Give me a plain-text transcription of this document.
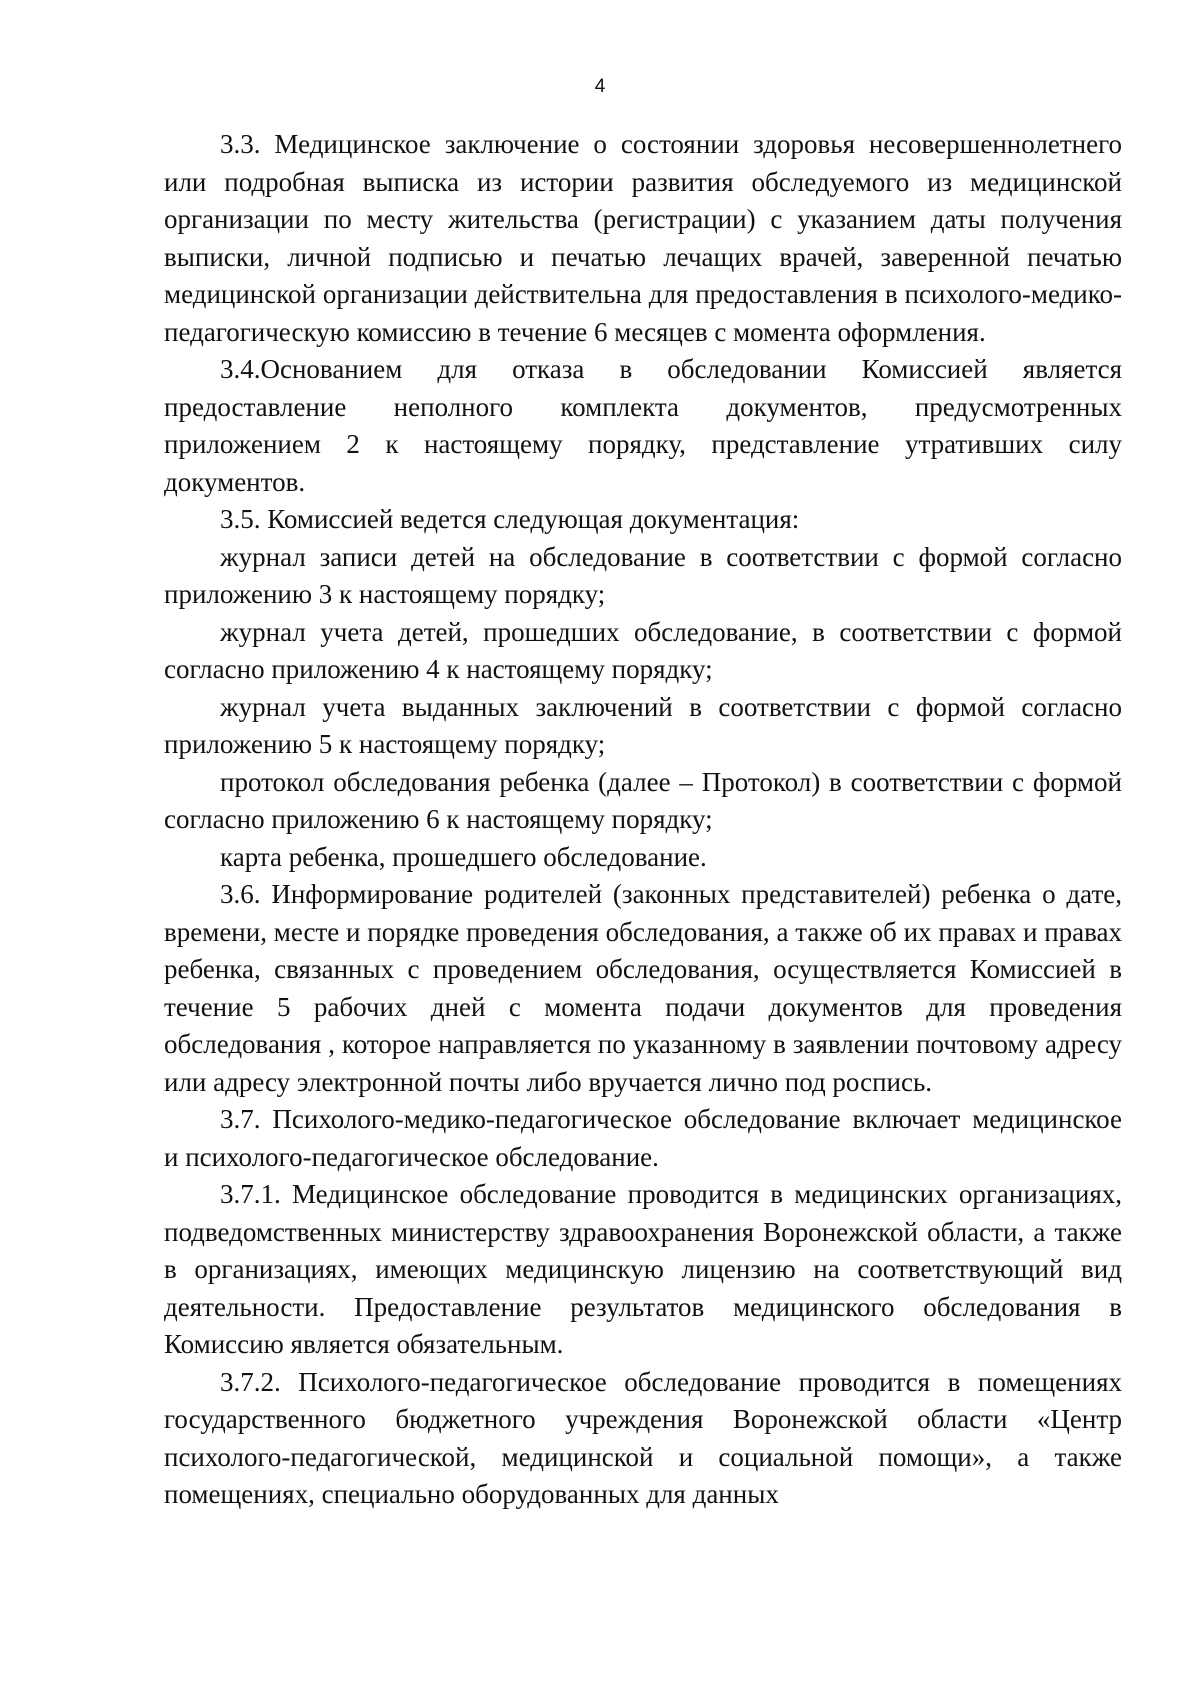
4

3.3. Медицинское заключение о состоянии здоровья несовершеннолетнего или подробная выписка из истории развития обследуемого из медицинской организации по месту жительства (регистрации) с указанием даты получения выписки, личной подписью и печатью лечащих врачей, заверенной печатью медицинской организации действительна для предоставления в психолого-медико-педагогическую комиссию в течение 6 месяцев с момента оформления.

3.4.Основанием для отказа в обследовании Комиссией является предоставление неполного комплекта документов, предусмотренных приложением 2 к настоящему порядку, представление утративших силу документов.

3.5. Комиссией ведется следующая документация:

журнал записи детей на обследование в соответствии с формой согласно приложению 3 к настоящему порядку;

журнал учета детей, прошедших обследование, в соответствии с формой согласно приложению 4 к настоящему порядку;

журнал учета выданных заключений в соответствии с формой согласно приложению 5 к настоящему порядку;

протокол обследования ребенка (далее – Протокол) в соответствии с формой согласно приложению 6 к настоящему порядку;

карта ребенка, прошедшего обследование.

3.6. Информирование родителей (законных представителей) ребенка о дате, времени, месте и порядке проведения обследования, а также об их правах и правах ребенка, связанных с проведением обследования, осуществляется Комиссией в течение 5 рабочих дней с момента подачи документов для проведения обследования , которое направляется по указанному в заявлении почтовому адресу или адресу электронной почты либо вручается лично под роспись.

3.7. Психолого-медико-педагогическое обследование включает медицинское и психолого-педагогическое обследование.

3.7.1. Медицинское обследование проводится в медицинских организациях, подведомственных министерству здравоохранения Воронежской области, а также в организациях, имеющих медицинскую лицензию на соответствующий вид деятельности. Предоставление результатов медицинского обследования в Комиссию является обязательным.

3.7.2. Психолого-педагогическое обследование проводится в помещениях государственного бюджетного учреждения Воронежской области «Центр психолого-педагогической, медицинской и социальной помощи», а также помещениях, специально оборудованных для данных
